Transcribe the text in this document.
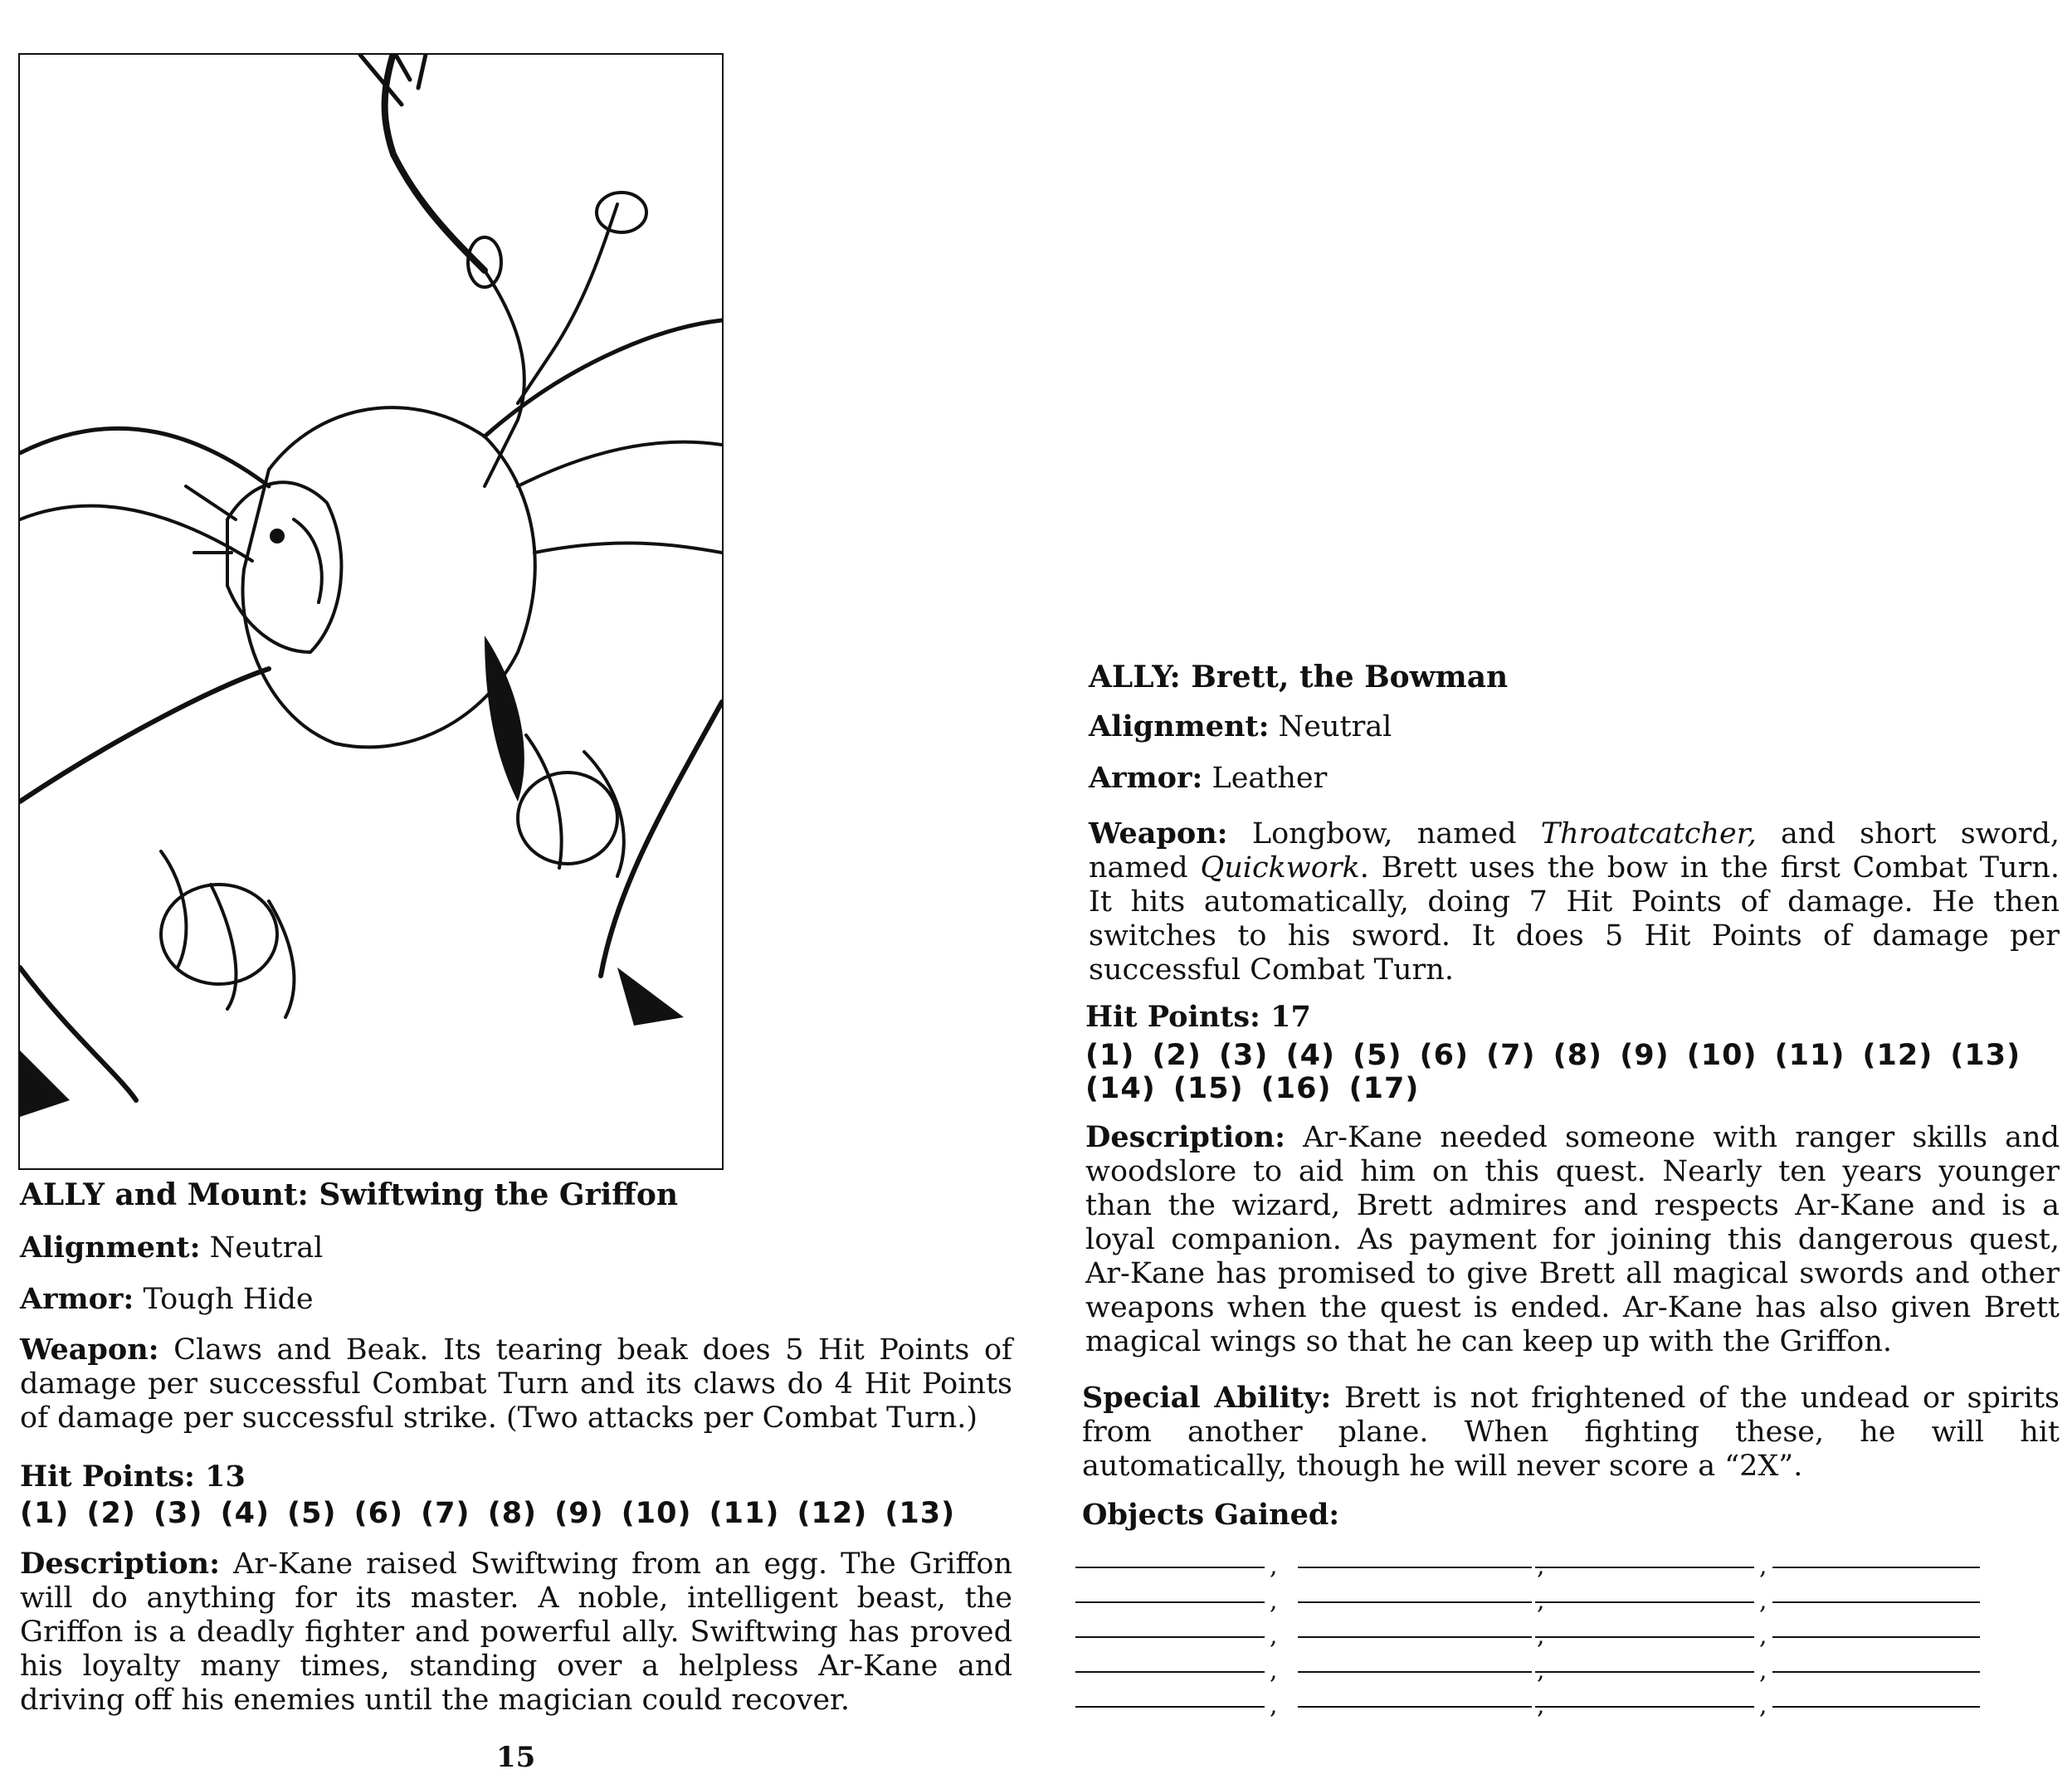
ALLY and Mount: Swiftwing the Griffon
Alignment: Neutral
Armor: Tough Hide
Weapon: Claws and Beak. Its tearing beak does 5 Hit Points of damage per successful Combat Turn and its claws do 4 Hit Points of damage per successful strike. (Two attacks per Combat Turn.)
Hit Points: 13
(1) (2) (3) (4) (5) (6) (7) (8) (9) (10) (11) (12) (13)
Description: Ar-Kane raised Swiftwing from an egg. The Griffon will do anything for its master. A noble, intelligent beast, the Griffon is a deadly fighter and powerful ally. Swiftwing has proved his loyalty many times, standing over a helpless Ar-Kane and driving off his enemies until the magician could recover.
15
ALLY: Brett, the Bowman
Alignment: Neutral
Armor: Leather
Weapon: Longbow, named Throatcatcher, and short sword, named Quickwork. Brett uses the bow in the first Combat Turn. It hits automatically, doing 7 Hit Points of damage. He then switches to his sword. It does 5 Hit Points of damage per successful Combat Turn.
Hit Points: 17
(1) (2) (3) (4) (5) (6) (7) (8) (9) (10) (11) (12) (13)
(14) (15) (16) (17)
Description: Ar-Kane needed someone with ranger skills and woodslore to aid him on this quest. Nearly ten years younger than the wizard, Brett admires and respects Ar-Kane and is a loyal companion. As payment for joining this dangerous quest, Ar-Kane has promised to give Brett all magical swords and other weapons when the quest is ended. Ar-Kane has also given Brett magical wings so that he can keep up with the Griffon.
Special Ability: Brett is not frightened of the undead or spirits from another plane. When fighting these, he will hit automatically, though he will never score a “2X”.
Objects Gained:
,	,	,
,	,	,
,	,	,
,	,	,
,	,	,
